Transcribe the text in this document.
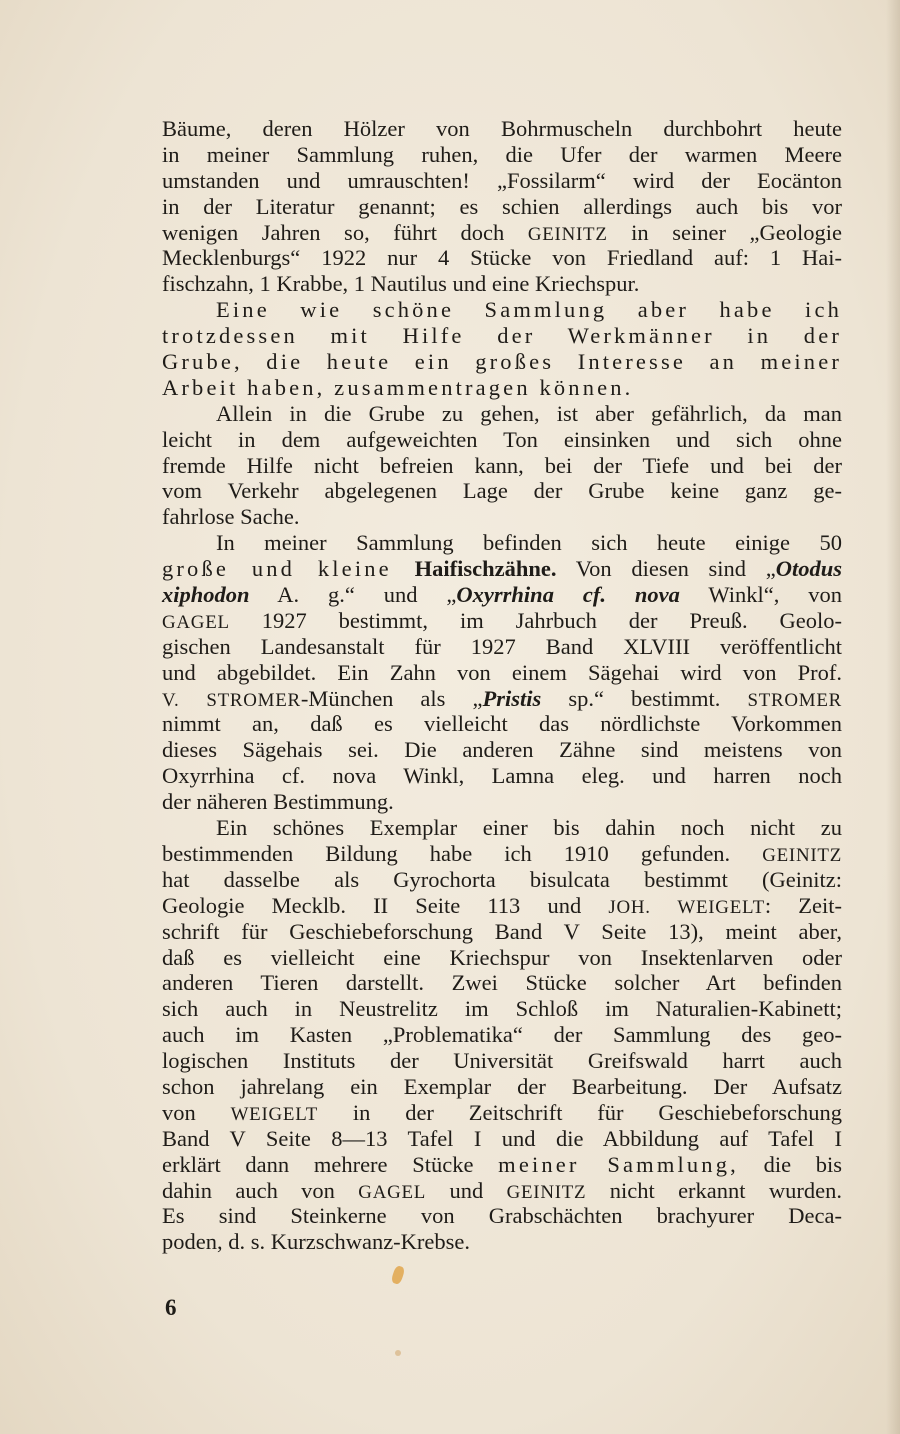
Bäume, deren Hölzer von Bohrmuscheln durchbohrt heute
in meiner Sammlung ruhen, die Ufer der warmen Meere
umstanden und umrauschten! „Fossilarm“ wird der Eocänton
in der Literatur genannt; es schien allerdings auch bis vor
wenigen Jahren so, führt doch GEINITZ in seiner „Geologie
Mecklenburgs“ 1922 nur 4 Stücke von Friedland auf: 1 Hai-
fischzahn, 1 Krabbe, 1 Nautilus und eine Kriechspur.
Eine wie schöne Sammlung aber habe ich
trotzdessen mit Hilfe der Werkmänner in der
Grube, die heute ein großes Interesse an meiner
Arbeit haben, zusammentragen können.
Allein in die Grube zu gehen, ist aber gefährlich, da man
leicht in dem aufgeweichten Ton einsinken und sich ohne
fremde Hilfe nicht befreien kann, bei der Tiefe und bei der
vom Verkehr abgelegenen Lage der Grube keine ganz ge-
fahrlose Sache.
In meiner Sammlung befinden sich heute einige 50
große und kleine Haifischzähne. Von diesen sind „Otodus
xiphodon A. g.“ und „Oxyrrhina cf. nova Winkl“, von
GAGEL 1927 bestimmt, im Jahrbuch der Preuß. Geolo-
gischen Landesanstalt für 1927 Band XLVIII veröffentlicht
und abgebildet. Ein Zahn von einem Sägehai wird von Prof.
V. STROMER-München als „Pristis sp.“ bestimmt. STROMER
nimmt an, daß es vielleicht das nördlichste Vorkommen
dieses Sägehais sei. Die anderen Zähne sind meistens von
Oxyrrhina cf. nova Winkl, Lamna eleg. und harren noch
der näheren Bestimmung.
Ein schönes Exemplar einer bis dahin noch nicht zu
bestimmenden Bildung habe ich 1910 gefunden. GEINITZ
hat dasselbe als Gyrochorta bisulcata bestimmt (Geinitz:
Geologie Mecklb. II Seite 113 und JOH. WEIGELT: Zeit-
schrift für Geschiebeforschung Band V Seite 13), meint aber,
daß es vielleicht eine Kriechspur von Insektenlarven oder
anderen Tieren darstellt. Zwei Stücke solcher Art befinden
sich auch in Neustrelitz im Schloß im Naturalien-Kabinett;
auch im Kasten „Problematika“ der Sammlung des geo-
logischen Instituts der Universität Greifswald harrt auch
schon jahrelang ein Exemplar der Bearbeitung. Der Aufsatz
von WEIGELT in der Zeitschrift für Geschiebeforschung
Band V Seite 8—13 Tafel I und die Abbildung auf Tafel I
erklärt dann mehrere Stücke meiner Sammlung, die bis
dahin auch von GAGEL und GEINITZ nicht erkannt wurden.
Es sind Steinkerne von Grabschächten brachyurer Deca-
poden, d. s. Kurzschwanz-Krebse.
6
